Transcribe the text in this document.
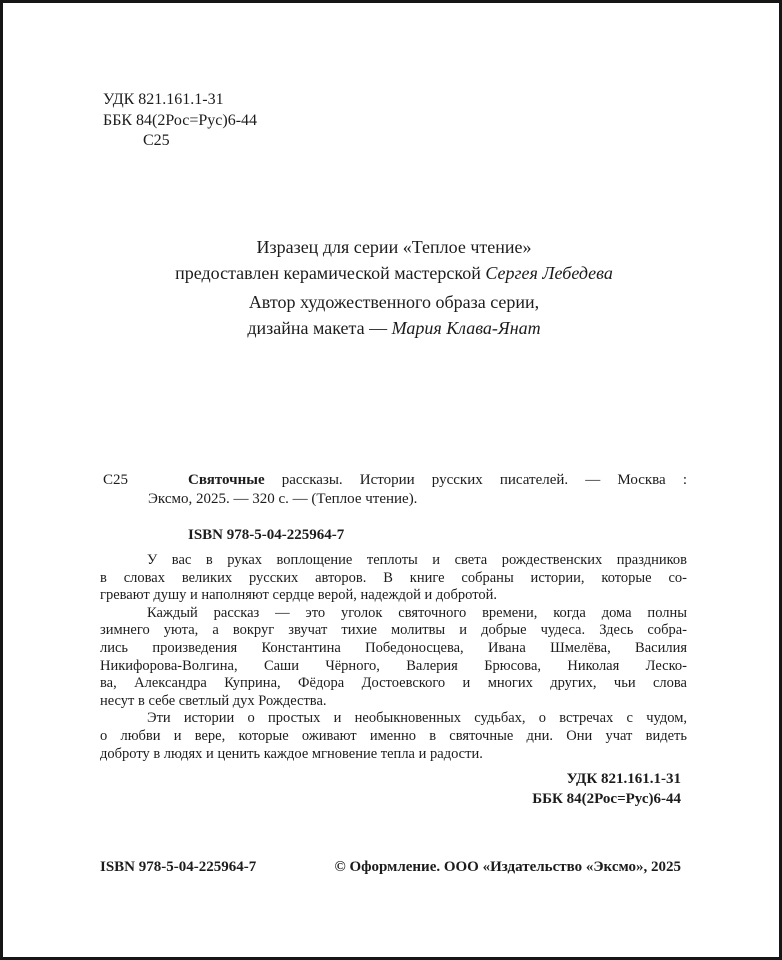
УДК 821.161.1-31
ББК 84(2Рос=Рус)6-44
С25
Изразец для серии «Теплое чтение»
предоставлен керамической мастерской Сергея Лебедева
Автор художественного образа серии,
дизайна макета — Мария Клава-Янат
С25	Святочные рассказы. Истории русских писателей. — Москва :
Эксмо, 2025. — 320 с. — (Теплое чтение).
ISBN 978-5-04-225964-7
У вас в руках воплощение теплоты и света рождественских праздников
в словах великих русских авторов. В книге собраны истории, которые со-
гревают душу и наполняют сердце верой, надеждой и добротой.
Каждый рассказ — это уголок святочного времени, когда дома полны
зимнего уюта, а вокруг звучат тихие молитвы и добрые чудеса. Здесь собра-
лись произведения Константина Победоносцева, Ивана Шмелёва, Василия
Никифорова-Волгина, Саши Чёрного, Валерия Брюсова, Николая Леско-
ва, Александра Куприна, Фёдора Достоевского и многих других, чьи слова
несут в себе светлый дух Рождества.
Эти истории о простых и необыкновенных судьбах, о встречах с чудом,
о любви и вере, которые оживают именно в святочные дни. Они учат видеть
доброту в людях и ценить каждое мгновение тепла и радости.
УДК 821.161.1-31
ББК 84(2Рос=Рус)6-44
ISBN 978-5-04-225964-7	© Оформление. ООО «Издательство «Эксмо», 2025
